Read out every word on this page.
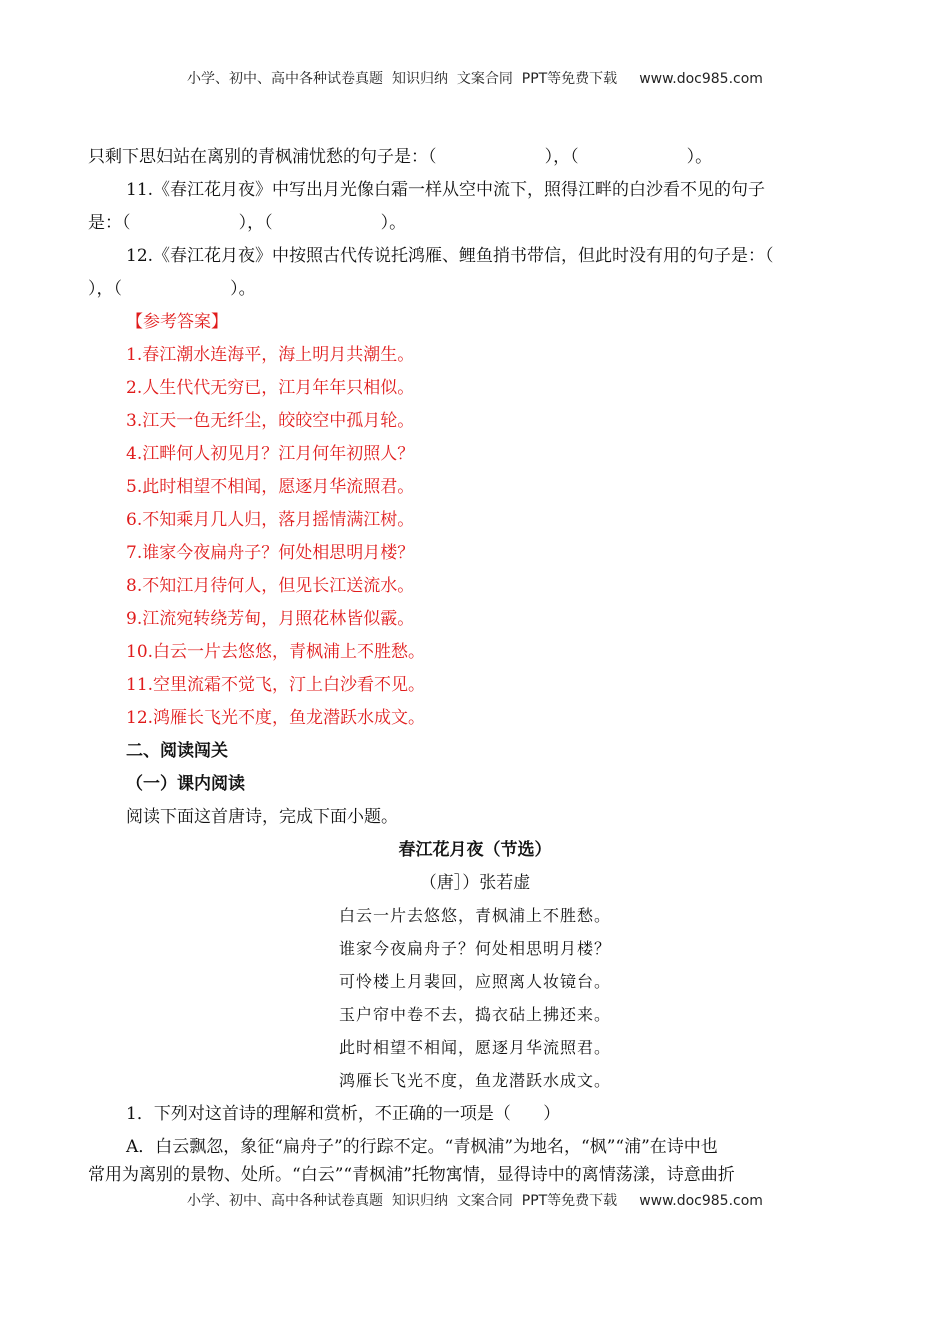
小学、初中、高中各种试卷真题  知识归纳  文案合同  PPT等免费下载 www.doc985.com
只剩下思妇站在离别的青枫浦忧愁的句子是：（                    ），（                    ）。
11.《春江花月夜》中写出月光像白霜一样从空中流下，照得江畔的白沙看不见的句子
是：（                    ），（                    ）。
12.《春江花月夜》中按照古代传说托鸿雁、鲤鱼捎书带信，但此时没有用的句子是：（
），（                    ）。
【参考答案】
1.春江潮水连海平，海上明月共潮生。
2.人生代代无穷已，江月年年只相似。
3.江天一色无纤尘，皎皎空中孤月轮。
4.江畔何人初见月？江月何年初照人？
5.此时相望不相闻，愿逐月华流照君。
6.不知乘月几人归，落月摇情满江树。
7.谁家今夜扁舟子？何处相思明月楼？
8.不知江月待何人，但见长江送流水。
9.江流宛转绕芳甸，月照花林皆似霰。
10.白云一片去悠悠，青枫浦上不胜愁。
11.空里流霜不觉飞，汀上白沙看不见。
12.鸿雁长飞光不度，鱼龙潜跃水成文。
二、阅读闯关
（一）课内阅读
阅读下面这首唐诗，完成下面小题。
春江花月夜（节选）
（唐］）张若虚
白云一片去悠悠，青枫浦上不胜愁。
谁家今夜扁舟子？何处相思明月楼？
可怜楼上月裴回，应照离人妆镜台。
玉户帘中卷不去，捣衣砧上拂还来。
此时相望不相闻，愿逐月华流照君。
鸿雁长飞光不度，鱼龙潜跃水成文。
1．下列对这首诗的理解和赏析，不正确的一项是（      ）
A．白云飘忽，象征“扁舟子”的行踪不定。“青枫浦”为地名，“枫”“浦”在诗中也
常用为离别的景物、处所。“白云”“青枫浦”托物寓情，显得诗中的离情荡漾，诗意曲折
小学、初中、高中各种试卷真题  知识归纳  文案合同  PPT等免费下载 www.doc985.com
